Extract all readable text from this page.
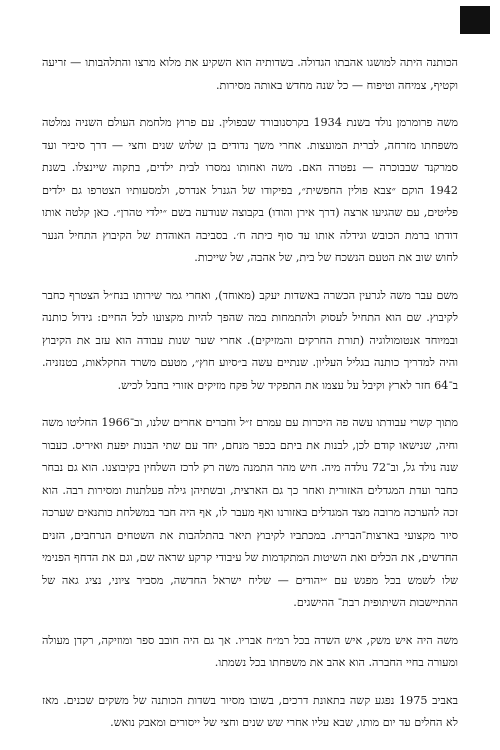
הכותנה היתה למושגו אהבתו הגדולה. בשדותיה הוא השקיע את מלוא מרצו והתלהבותו — זריעה וקטיף, צמיחה וטיפוח — כל שנה מחדש באותה מסירות.

משה פרומרמן נולד בשנת 1934 בקרסנובורד שבפולין. עם פרוץ מלחמת העולם השניה נמלטה משפחתו מזרחה, לברית המועצות. אחרי משך נדודים בן שלוש שנים וחצי — דרך סיביר ועד סמרקנד שבבוכרה — נפטרה האם. משה ואחותו נמסרו לבית ילדים, בתקוה שיינצלו. בשנת 1942 הוקם ״צבא פולין החפשית״, בפיקודו של הגנרל אנדרס, ולמסעותיו הצטרפו גם ילדים פליטים, עם שהגיעו ארצה (דרך אירן והודו) בקבוצה שנודעה בשם ״ילדי טהרן״. כאן קלטה אותו דודתו ברמת הכובש וגידלה אותו עד סוף כיתה ח׳. בסביבה האוהדת של הקיבוץ התחיל הנער לחוש שוב את הטעם הנשכח של בית, של אהבה, של שייכות.

משם עבר משה לגרעין הכשרה באשדות יעקב (מאוחד), ואחרי גמר שירותו בנח״ל הצטרף כחבר לקיבוץ. שם הוא התחיל לעסוק ולהתמחות במה שהפך להיות מקצועו לכל החיים: גידול כותנה ובמיוחד אנטומולוגיה (תורת החרקים והמזיקים). אחרי שער שנות עבודה הוא עזב את הקיבוץ והיה למדריך כותנה בגליל העליון. שנתיים עשה ב״סיוע חוץ״, מטעם משרד החקלאות, בטנזניה. ב־64 חזר לארץ וקיבל על עצמו את התפקיד של פקח מזיקים אזורי בחבל לכיש.

מתוך קשרי עבודתו עשה פה היכרות עם עמרם ז״ל וחברים אחרים שלנו, וב־1966 החליטו משה וחיה, שנישאו קודם לכן, לבנות את ביתם בכפר מנחם, יחד עם שתי הבנות יפעת ואיריס. כעבור שנה נולד גל, וב־72 נולדה מיה. חיש מהר התמנה משה רק לרכז השלחין בקיבוצנו. הוא גם נבחר כחבר ועדת המגדלים האזורית ואחר כך גם הארצית, ובשתיהן גילה פעלתנות ומסירות רבה. הוא זכה להערכה מרובה מצד המגדלים באזורנו ואף מעבר לו, אף היה חבר במשלחת כותנאים שערכה סיור מקצועי בארצות־הברית. במכתביו לקיבוץ תיאר בהתלהבות את השטחים הנרחבים, הזנים החדשים, את הכלים ואת השיטות המתקדמות של עיבודי קרקע שראה שם, וגם את הדחף הפנימי שלו לשמש בכל מפגש עם ״יהודים — שליח ישראל החדשה, מסביר ציוני, נציג גאה של ההתיישבות השיתופית רבת־ ההישגים.

משה היה איש משק, איש השדה בכל רמ״ח אבריו. אך גם היה חובב ספר ומוזיקה, רקדן מעולה ומעורה בחיי החברה. הוא אהב את משפחתו בכל נשמתו.

באביב 1975 נפגע קשה בתאונת דרכים, בשובו מסיור בשדות הכותנה של משקים שכנים. מאז לא החלים עד יום מותו, שבא עליו אחרי שש שנים וחצי של ייסורים ומאבק נואש.
